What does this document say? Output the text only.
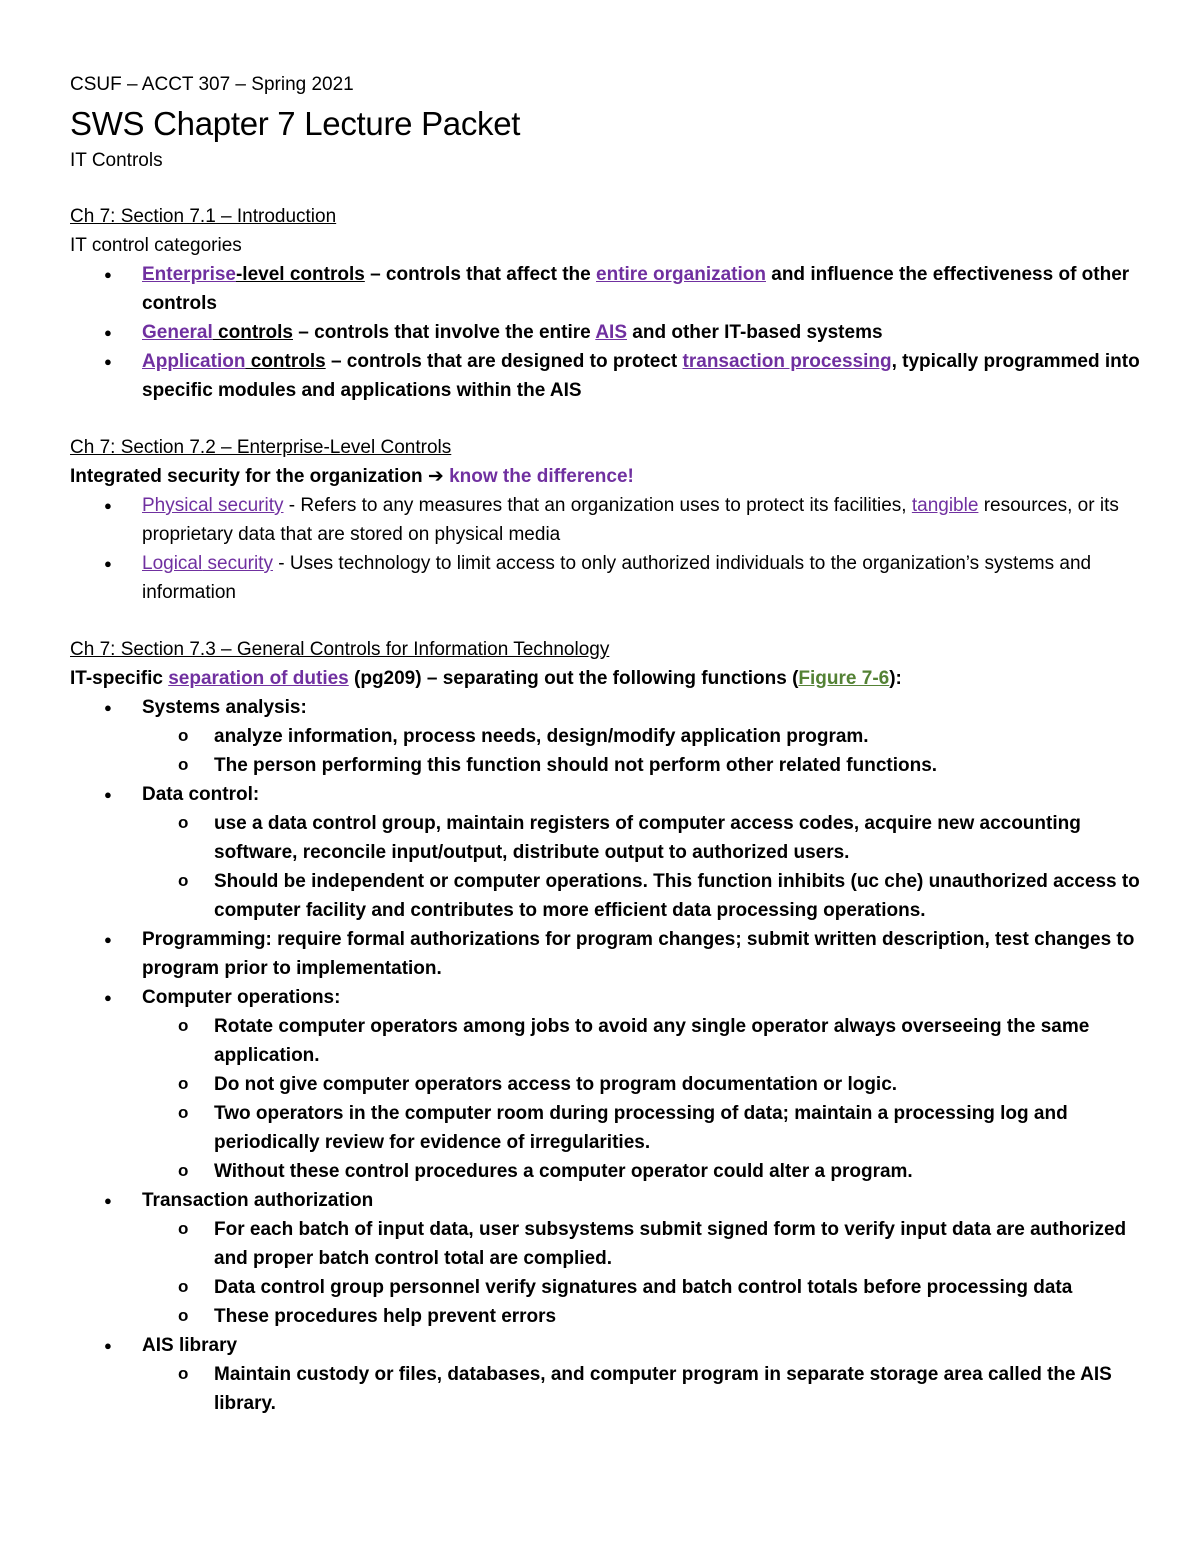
CSUF – ACCT 307 – Spring 2021

SWS Chapter 7 Lecture Packet

IT Controls

Ch 7: Section 7.1 – Introduction

IT control categories

● Enterprise-level controls – controls that affect the entire organization and influence the effectiveness of other controls
● General controls – controls that involve the entire AIS and other IT-based systems
● Application controls – controls that are designed to protect transaction processing, typically programmed into specific modules and applications within the AIS

Ch 7: Section 7.2 – Enterprise-Level Controls

Integrated security for the organization ➔ know the difference!

● Physical security - Refers to any measures that an organization uses to protect its facilities, tangible resources, or its proprietary data that are stored on physical media
● Logical security - Uses technology to limit access to only authorized individuals to the organization’s systems and information

Ch 7: Section 7.3 – General Controls for Information Technology

IT-specific separation of duties (pg209) – separating out the following functions (Figure 7-6):

● Systems analysis:
o analyze information, process needs, design/modify application program.
o The person performing this function should not perform other related functions.
● Data control:
o use a data control group, maintain registers of computer access codes, acquire new accounting software, reconcile input/output, distribute output to authorized users.
o Should be independent or computer operations. This function inhibits (uc che) unauthorized access to computer facility and contributes to more efficient data processing operations.
● Programming: require formal authorizations for program changes; submit written description, test changes to program prior to implementation.
● Computer operations:
o Rotate computer operators among jobs to avoid any single operator always overseeing the same application.
o Do not give computer operators access to program documentation or logic.
o Two operators in the computer room during processing of data; maintain a processing log and periodically review for evidence of irregularities.
o Without these control procedures a computer operator could alter a program.
● Transaction authorization
o For each batch of input data, user subsystems submit signed form to verify input data are authorized and proper batch control total are complied.
o Data control group personnel verify signatures and batch control totals before processing data
o These procedures help prevent errors
● AIS library
o Maintain custody or files, databases, and computer program in separate storage area called the AIS library.
